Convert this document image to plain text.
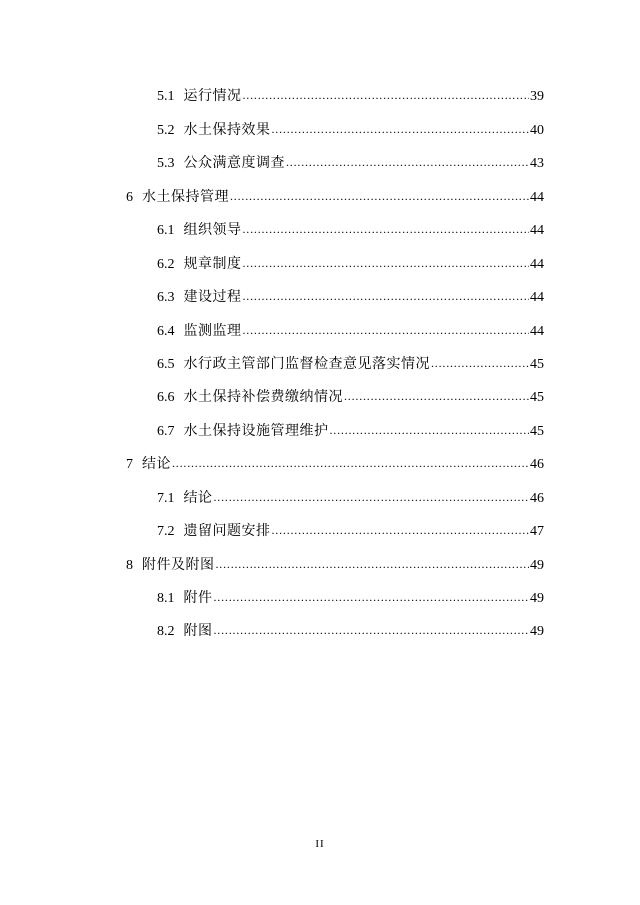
5.1 运行情况 .....	39
5.2 水土保持效果 .....	40
5.3 公众满意度调查 .....	43
6 水土保持管理 .....	44
6.1 组织领导 .....	44
6.2 规章制度 .....	44
6.3 建设过程 .....	44
6.4 监测监理 .....	44
6.5 水行政主管部门监督检查意见落实情况 .....	45
6.6 水土保持补偿费缴纳情况 .....	45
6.7 水土保持设施管理维护 .....	45
7 结论 .....	46
7.1 结论 .....	46
7.2 遗留问题安排 .....	47
8 附件及附图 .....	49
8.1 附件 .....	49
8.2 附图 .....	49
II
